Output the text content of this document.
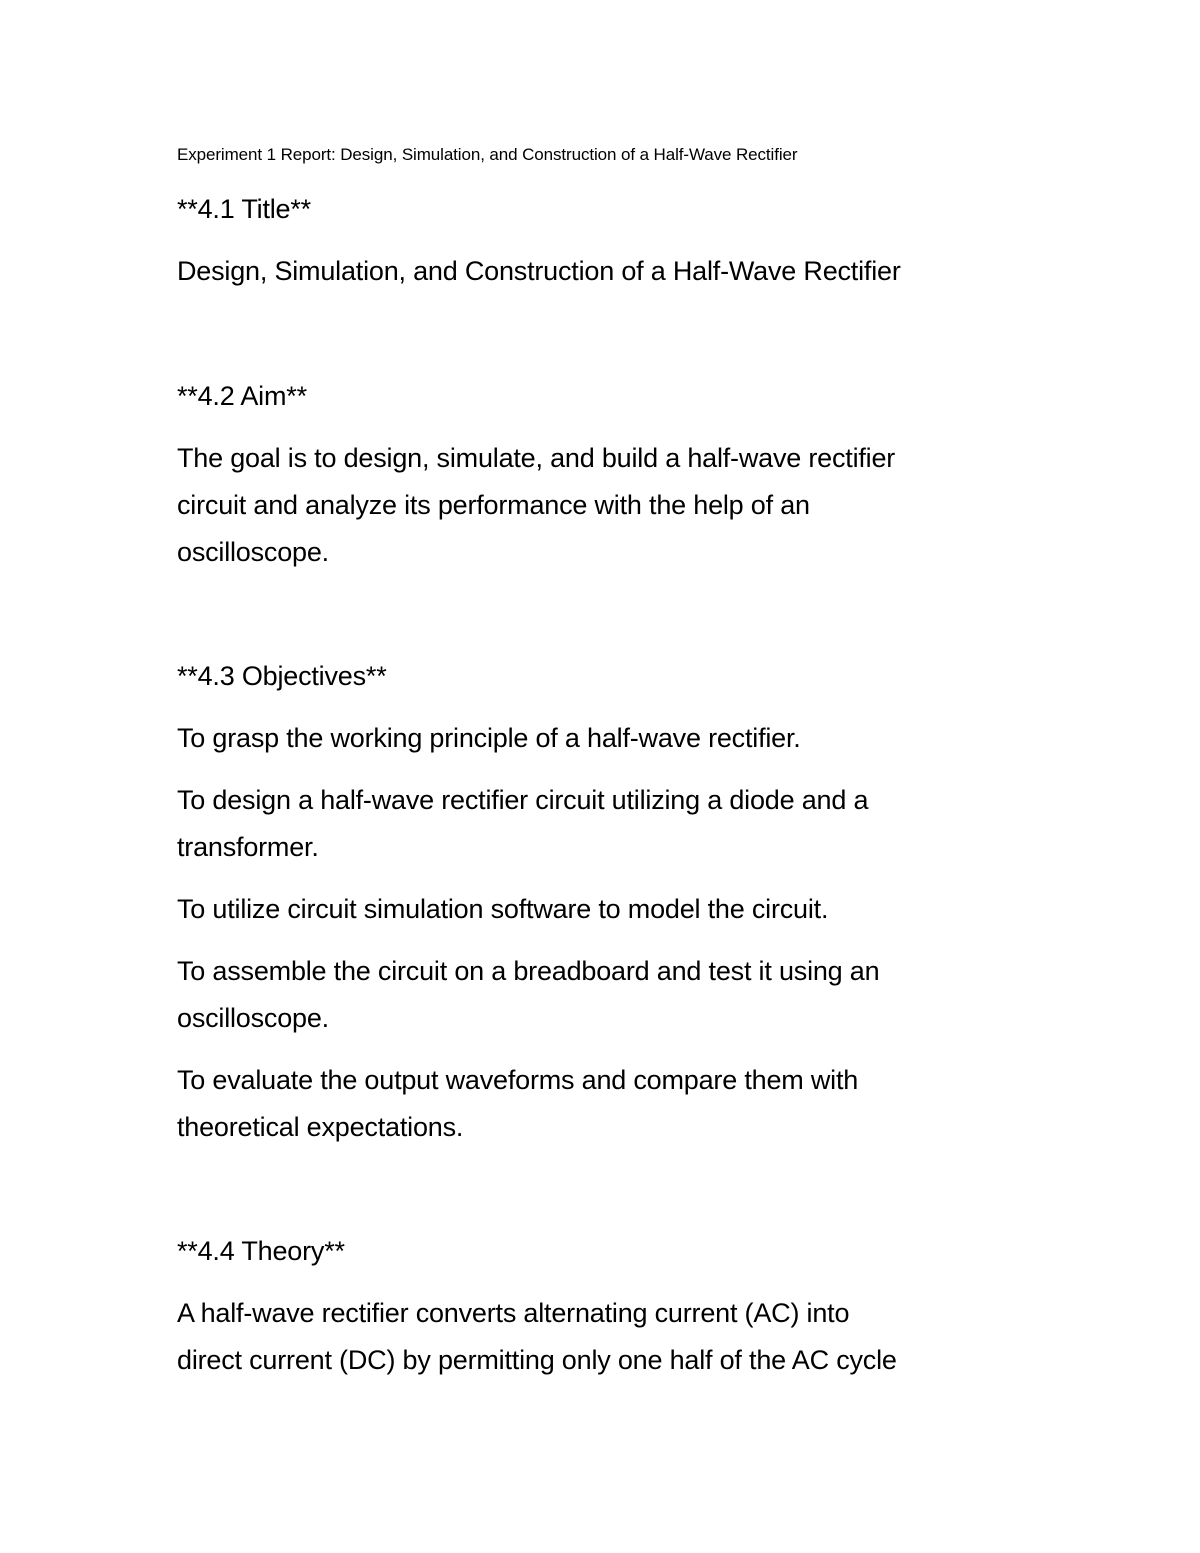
Experiment 1 Report: Design, Simulation, and Construction of a Half-Wave Rectifier
**4.1 Title**
Design, Simulation, and Construction of a Half-Wave Rectifier
**4.2 Aim**
The goal is to design, simulate, and build a half-wave rectifier
circuit and analyze its performance with the help of an
oscilloscope.
**4.3 Objectives**
To grasp the working principle of a half-wave rectifier.
To design a half-wave rectifier circuit utilizing a diode and a
transformer.
To utilize circuit simulation software to model the circuit.
To assemble the circuit on a breadboard and test it using an
oscilloscope.
To evaluate the output waveforms and compare them with
theoretical expectations.
**4.4 Theory**
A half-wave rectifier converts alternating current (AC) into
direct current (DC) by permitting only one half of the AC cycle
